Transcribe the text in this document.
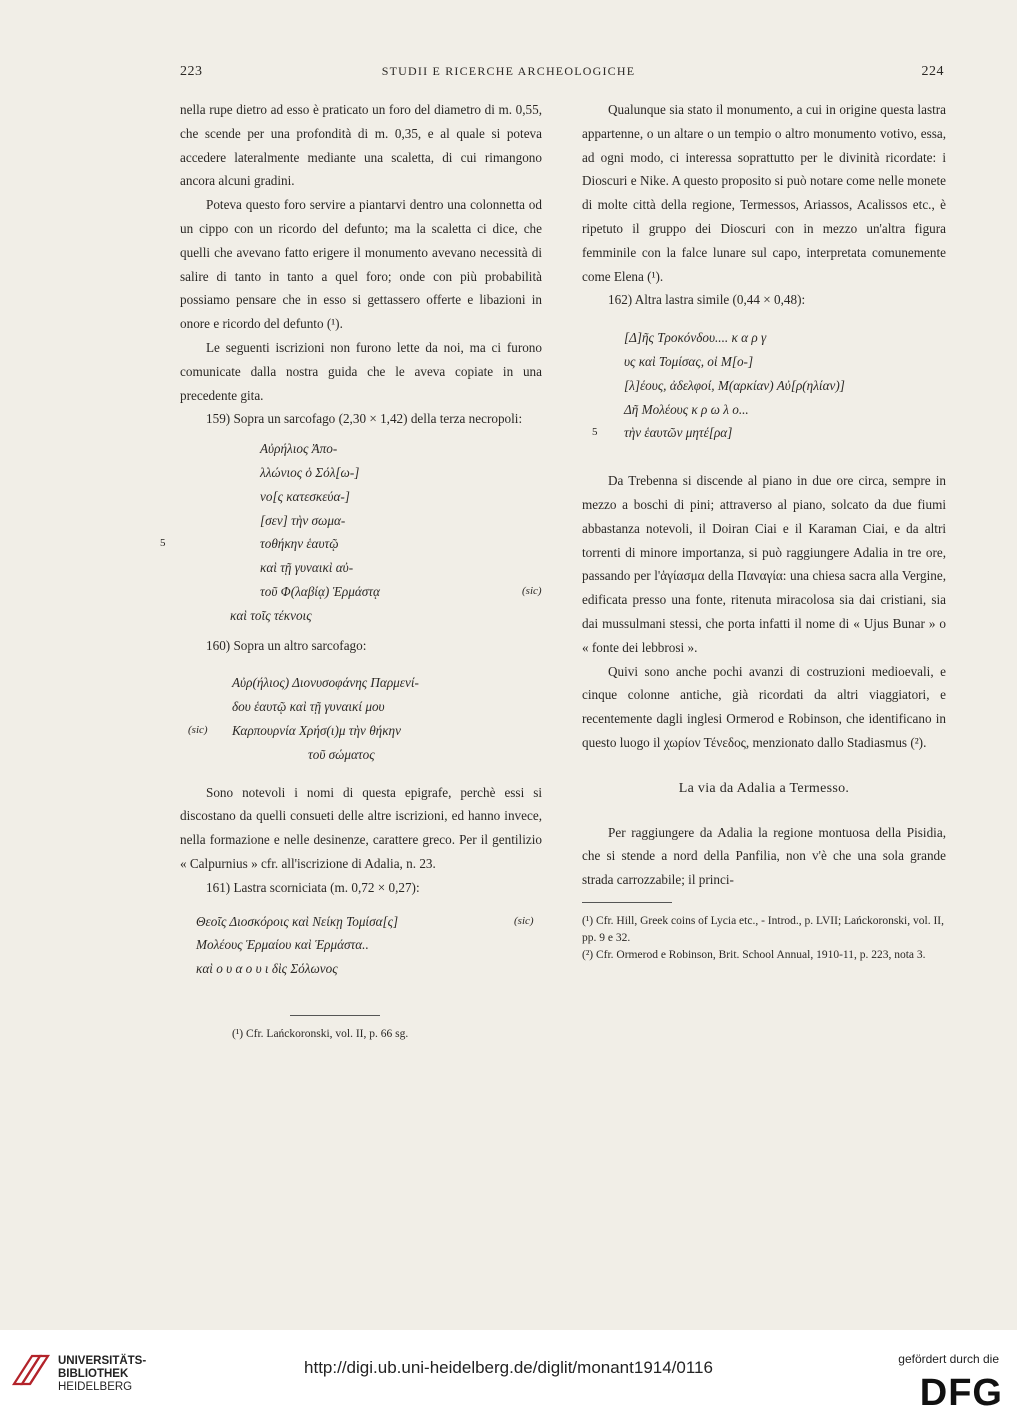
223	STUDII E RICERCHE ARCHEOLOGICHE	224

nella rupe dietro ad esso è praticato un foro del diametro di m. 0,55, che scende per una profondità di m. 0,35, e al quale si poteva accedere lateralmente mediante una scaletta, di cui rimangono ancora alcuni gradini.

Poteva questo foro servire a piantarvi dentro una colonnetta od un cippo con un ricordo del defunto; ma la scaletta ci dice, che quelli che avevano fatto erigere il monumento avevano necessità di salire di tanto in tanto a quel foro; onde con più probabilità possiamo pensare che in esso si gettassero offerte e libazioni in onore e ricordo del defunto (¹).

Le seguenti iscrizioni non furono lette da noi, ma ci furono comunicate dalla nostra guida che le aveva copiate in una precedente gita.

159) Sopra un sarcofago (2,30 × 1,42) della terza necropoli:

Αὐρήλιος Ἀπο-
λλώνιος ὁ Σόλ[ω-]
νο[ς κατεσκεύα-]
[σεν] τὴν σωμα-
5	τοθήκην ἑαυτῷ
καὶ τῇ γυναικὶ αὐ-
τοῦ Φ(λαβίᾳ) Ἑρμάστᾳ	(sic)
καὶ τοῖς τέκνοις

160) Sopra un altro sarcofago:

Αὐρ(ήλιος) Διονυσοφάνης Παρμενί-
δου ἑαυτῷ καὶ τῇ γυναικί μου
(sic) Καρπουρνία Χρήσ(ι)μ τὴν θήκην
τοῦ σώματος

Sono notevoli i nomi di questa epigrafe, perchè essi si discostano da quelli consueti delle altre iscrizioni, ed hanno invece, nella formazione e nelle desinenze, carattere greco. Per il gentilizio « Calpurnius » cfr. all'iscrizione di Adalia, n. 23.

161) Lastra scorniciata (m. 0,72 × 0,27):

Θεοῖς Διοσκόροις καὶ Νείκῃ Τομίσα[ς]	(sic)
Μολέους Ἑρμαίου καὶ Ἑρμάστα..
καὶ ο υ α ο υ ι δὶς Σόλωνος
(¹) Cfr. Lańckoronski, vol. II, p. 66 sg.

Qualunque sia stato il monumento, a cui in origine questa lastra appartenne, o un altare o un tempio o altro monumento votivo, essa, ad ogni modo, ci interessa soprattutto per le divinità ricordate: i Dioscuri e Nike. A questo proposito si può notare come nelle monete di molte città della regione, Termessos, Ariassos, Acalissos etc., è ripetuto il gruppo dei Dioscuri con in mezzo un'altra figura femminile con la falce lunare sul capo, interpretata comunemente come Elena (¹).

162) Altra lastra simile (0,44 × 0,48):

[Δ]ῆς Τροκόνδου.... κ α ρ γ
υς καὶ Τομίσας, οἱ Μ[ο-]
[λ]έους, ἀδελφοί, Μ(αρκίαν) Αὐ[ρ(ηλίαν)]
Δῆ Μολέους κ ρ ω λ ο...
5 τὴν ἑαυτῶν μητέ[ρα]

Da Trebenna si discende al piano in due ore circa, sempre in mezzo a boschi di pini; attraverso al piano, solcato da due fiumi abbastanza notevoli, il Doiran Ciai e il Karaman Ciai, e da altri torrenti di minore importanza, si può raggiungere Adalia in tre ore, passando per l'ἁγίασμα della Παναγία: una chiesa sacra alla Vergine, edificata presso una fonte, ritenuta miracolosa sia dai cristiani, sia dai mussulmani stessi, che porta infatti il nome di « Ujus Bunar » o « fonte dei lebbrosi ».

Quivi sono anche pochi avanzi di costruzioni medioevali, e cinque colonne antiche, già ricordati da altri viaggiatori, e recentemente dagli inglesi Ormerod e Robinson, che identificano in questo luogo il χωρίον Τένεδος, menzionato dallo Stadiasmus (²).

La via da Adalia a Termesso.

Per raggiungere da Adalia la regione montuosa della Pisidia, che si stende a nord della Panfilia, non v'è che una sola grande strada carrozzabile; il princi-

(¹) Cfr. Hill, Greek coins of Lycia etc., - Introd., p. LVII; Lańckoronski, vol. II, pp. 9 e 32.
(²) Cfr. Ormerod e Robinson, Brit. School Annual, 1910-11, p. 223, nota 3.
UNIVERSITÄTS-
BIBLIOTHEK
HEIDELBERG
http://digi.ub.uni-heidelberg.de/diglit/monant1914/0116	gefördert durch die
DFG
